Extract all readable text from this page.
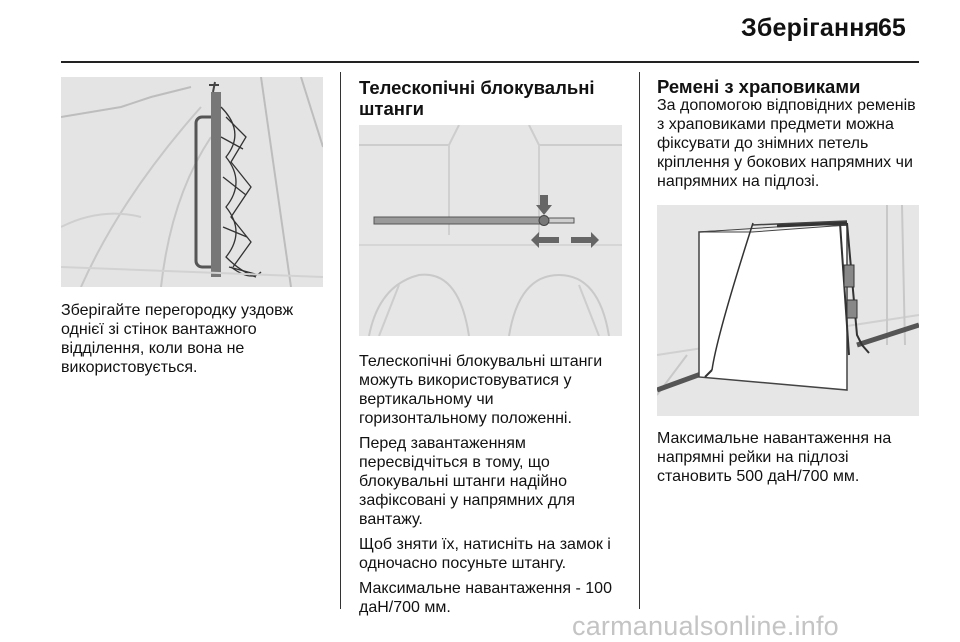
Зберігання
65

Зберігайте перегородку уздовж однієї зі стінок вантажного відділення, коли вона не використовується.

Телескопічні блокувальні штанги

Телескопічні блокувальні штанги можуть використовуватися у вертикальному чи горизонтальному положенні.

Перед завантаженням пересвідчіться в тому, що блокувальні штанги надійно зафіксовані у напрямних для вантажу.

Щоб зняти їх, натисніть на замок і одночасно посуньте штангу.

Максимальне навантаження - 100 даН/700 мм.

Ремені з храповиками

За допомогою відповідних ременів з храповиками предмети можна фіксувати до знімних петель кріплення у бокових напрямних чи напрямних на підлозі.

Максимальне навантаження на напрямні рейки на підлозі становить 500 даН/700 мм.

carmanualsonline.info
